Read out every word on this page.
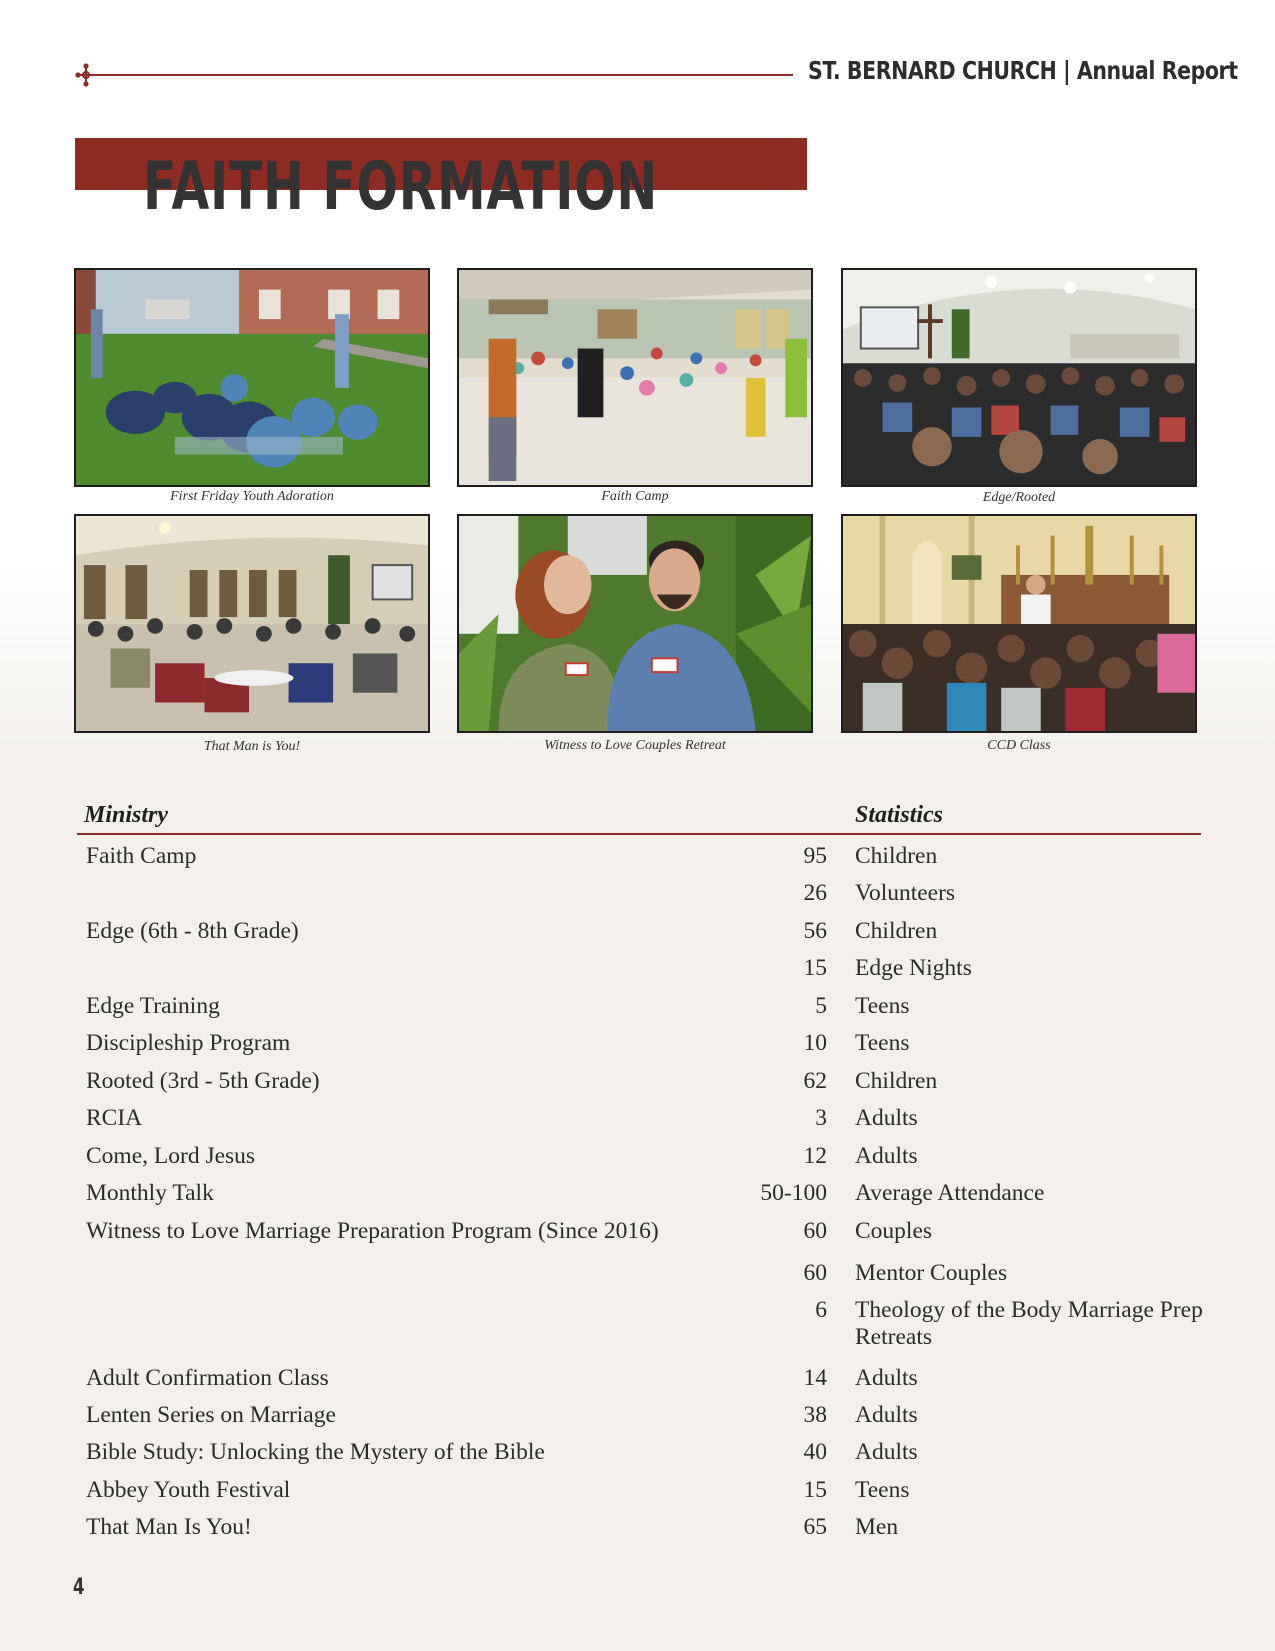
ST. BERNARD CHURCH | Annual Report
FAITH FORMATION
First Friday Youth Adoration	Faith Camp	Edge/Rooted
That Man is You!	Witness to Love Couples Retreat	CCD Class
Ministry	Statistics
Faith Camp	95 Children
26 Volunteers
Edge (6th - 8th Grade)	56 Children
15 Edge Nights
Edge Training	5 Teens
Discipleship Program	10 Teens
Rooted (3rd - 5th Grade)	62 Children
RCIA	3 Adults
Come, Lord Jesus	12 Adults
Monthly Talk	50-100 Average Attendance
Witness to Love Marriage Preparation Program (Since 2016)	60 Couples
60 Mentor Couples
6 Theology of the Body Marriage Prep Retreats
Adult Confirmation Class	14 Adults
Lenten Series on Marriage	38 Adults
Bible Study: Unlocking the Mystery of the Bible	40 Adults
Abbey Youth Festival	15 Teens
That Man Is You!	65 Men
4
